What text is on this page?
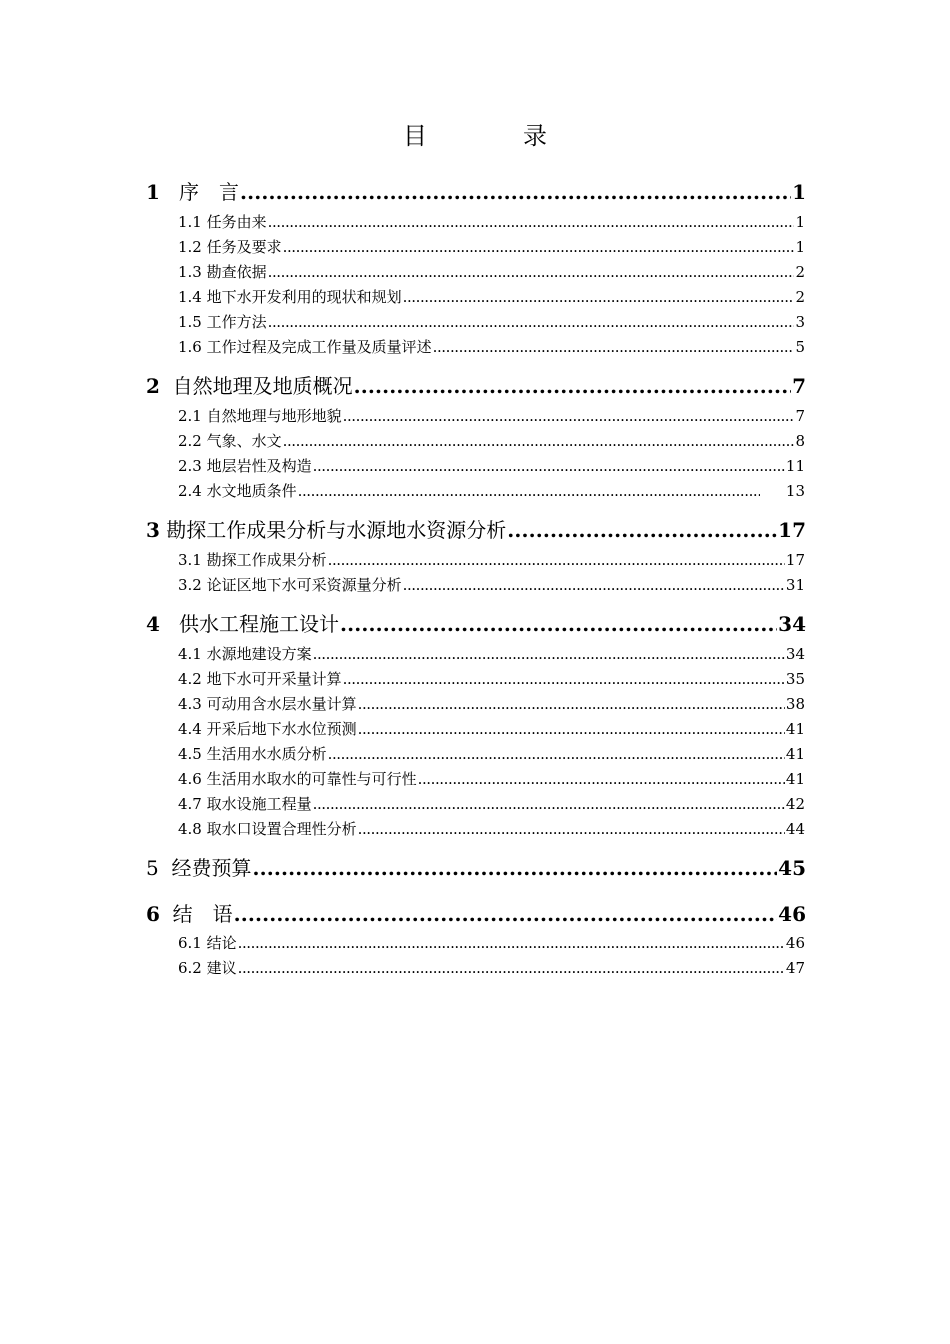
目　录
1 序　言 . . .	1
1.1 任务由来 . . .	1
1.2 任务及要求 . . .	1
1.3 勘查依据 . . .	2
1.4 地下水开发利用的现状和规划 . . .	2
1.5 工作方法 . . .	3
1.6 工作过程及完成工作量及质量评述 . . .	5
2 自然地理及地质概况 . . .	7
2.1 自然地理与地形地貌 . . .	7
2.2 气象、水文 . . .	8
2.3 地层岩性及构造 . . .	11
2.4 水文地质条件 . . .	13
3 勘探工作成果分析与水源地水资源分析 . . .	17
3.1 勘探工作成果分析 . . .	17
3.2 论证区地下水可采资源量分析 . . .	31
4 供水工程施工设计 . . .	34
4.1 水源地建设方案 . . .	34
4.2 地下水可开采量计算 . . .	35
4.3 可动用含水层水量计算 . . .	38
4.4 开采后地下水水位预测 . . .	41
4.5 生活用水水质分析 . . .	41
4.6 生活用水取水的可靠性与可行性 . . .	41
4.7 取水设施工程量 . . .	42
4.8 取水口设置合理性分析 . . .	44
5 经费预算 . . .	45
6 结　语 . . .	46
6.1 结论 . . .	46
6.2 建议 . . .	47
